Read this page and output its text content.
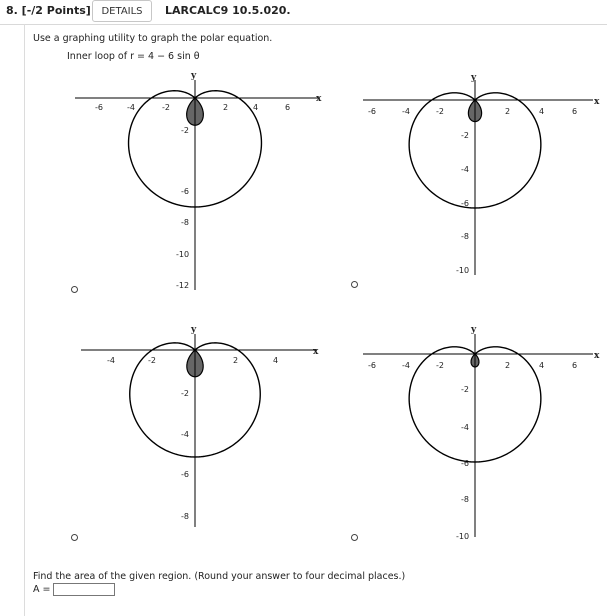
8. [-/2 Points]	DETAILS	LARCALC9 10.5.020.
Use a graphing utility to graph the polar equation.
Inner loop of r = 4 − 6 sin θ
x
y
-6	-4	-2	2	4	6
-2
-6
-8
-10
-12
x
y
-6	-4	-2	2	4	6
-2
-4
-6
-8
-10
x
y
-4	-2	2	4
-2
-4
-6
-8
x
y
-6	-4	-2	2	4	6
-2
-4
-6
-8
-10
Find the area of the given region. (Round your answer to four decimal places.)
A =
